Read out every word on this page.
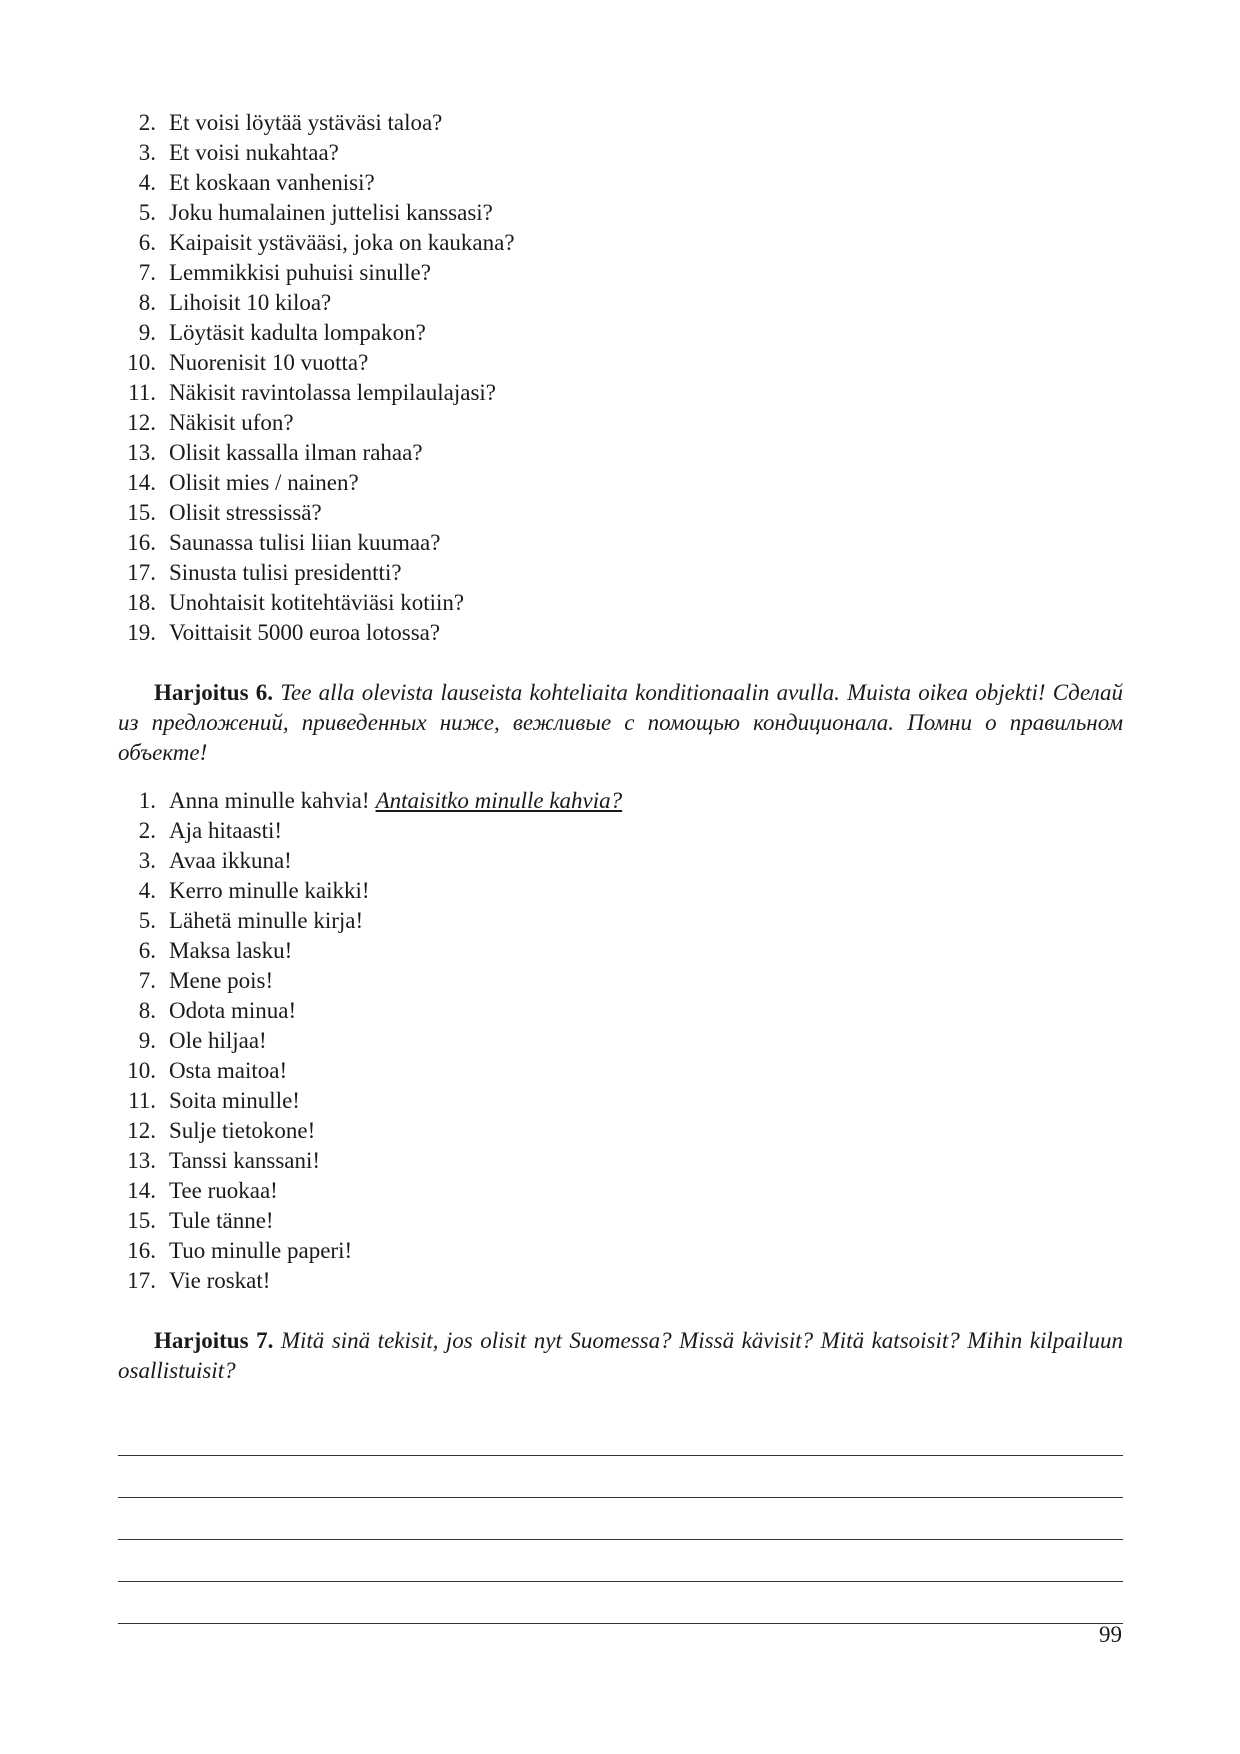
2. Et voisi löytää ystäväsi taloa?
3. Et voisi nukahtaa?
4. Et koskaan vanhenisi?
5. Joku humalainen juttelisi kanssasi?
6. Kaipaisit ystävääsi, joka on kaukana?
7. Lemmikkisi puhuisi sinulle?
8. Lihoisit 10 kiloa?
9. Löytäsit kadulta lompakon?
10. Nuorenisit 10 vuotta?
11. Näkisit ravintolassa lempilaulajasi?
12. Näkisit ufon?
13. Olisit kassalla ilman rahaa?
14. Olisit mies / nainen?
15. Olisit stressissä?
16. Saunassa tulisi liian kuumaa?
17. Sinusta tulisi presidentti?
18. Unohtaisit kotitehtäviäsi kotiin?
19. Voittaisit 5000 euroa lotossa?

Harjoitus 6. Tee alla olevista lauseista kohteliaita konditionaalin avulla. Muista oikea objekti! Сделай из предложений, приведенных ниже, вежливые с помощью кондиционала. Помни о правильном объекте!

1. Anna minulle kahvia! Antaisitko minulle kahvia?
2. Aja hitaasti!
3. Avaa ikkuna!
4. Kerro minulle kaikki!
5. Lähetä minulle kirja!
6. Maksa lasku!
7. Mene pois!
8. Odota minua!
9. Ole hiljaa!
10. Osta maitoa!
11. Soita minulle!
12. Sulje tietokone!
13. Tanssi kanssani!
14. Tee ruokaa!
15. Tule tänne!
16. Tuo minulle paperi!
17. Vie roskat!

Harjoitus 7. Mitä sinä tekisit, jos olisit nyt Suomessa? Missä kävisit? Mitä katsoisit? Mihin kilpailuun osallistuisit?

99
